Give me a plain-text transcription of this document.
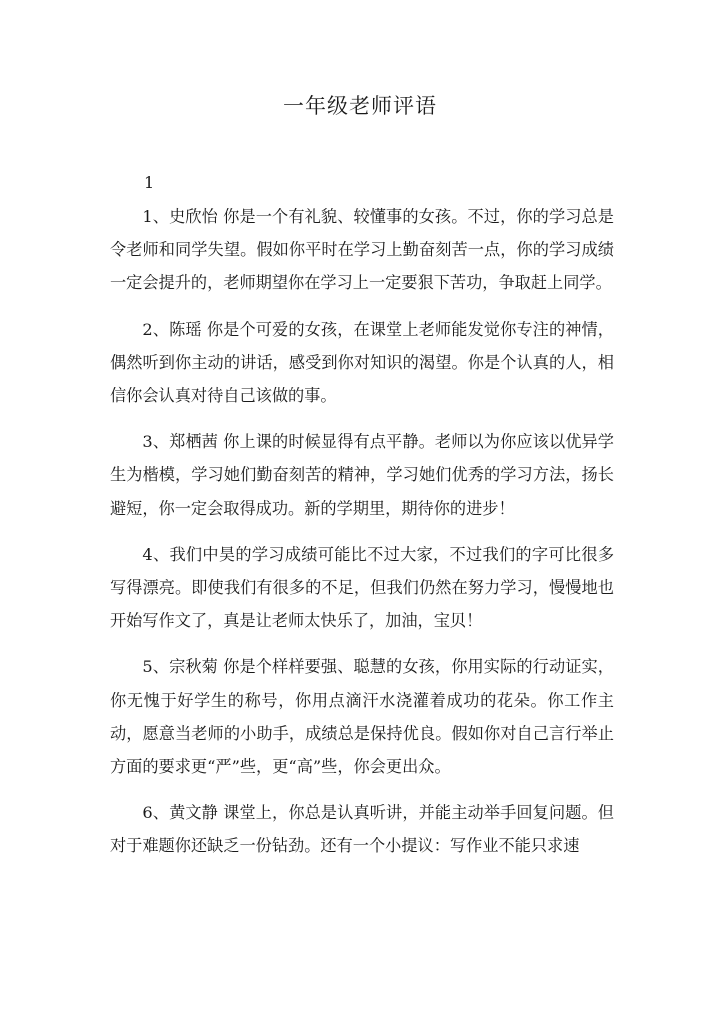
一年级老师评语
1

1、史欣怡 你是一个有礼貌、较懂事的女孩。不过，你的学习总是令老师和同学失望。假如你平时在学习上勤奋刻苦一点，你的学习成绩一定会提升的，老师期望你在学习上一定要狠下苦功，争取赶上同学。

2、陈瑶 你是个可爱的女孩，在课堂上老师能发觉你专注的神情，偶然听到你主动的讲话，感受到你对知识的渴望。你是个认真的人，相信你会认真对待自己该做的事。

3、郑栖茜 你上课的时候显得有点平静。老师以为你应该以优异学生为楷模，学习她们勤奋刻苦的精神，学习她们优秀的学习方法，扬长避短，你一定会取得成功。新的学期里，期待你的进步！

4、我们中昊的学习成绩可能比不过大家，不过我们的字可比很多写得漂亮。即使我们有很多的不足，但我们仍然在努力学习，慢慢地也开始写作文了，真是让老师太快乐了，加油，宝贝！

5、宗秋菊 你是个样样要强、聪慧的女孩，你用实际的行动证实，你无愧于好学生的称号，你用点滴汗水浇灌着成功的花朵。你工作主动，愿意当老师的小助手，成绩总是保持优良。假如你对自己言行举止方面的要求更“严”些，更“高”些，你会更出众。

6、黄文静 课堂上，你总是认真听讲，并能主动举手回复问题。但对于难题你还缺乏一份钻劲。还有一个小提议：写作业不能只求速
